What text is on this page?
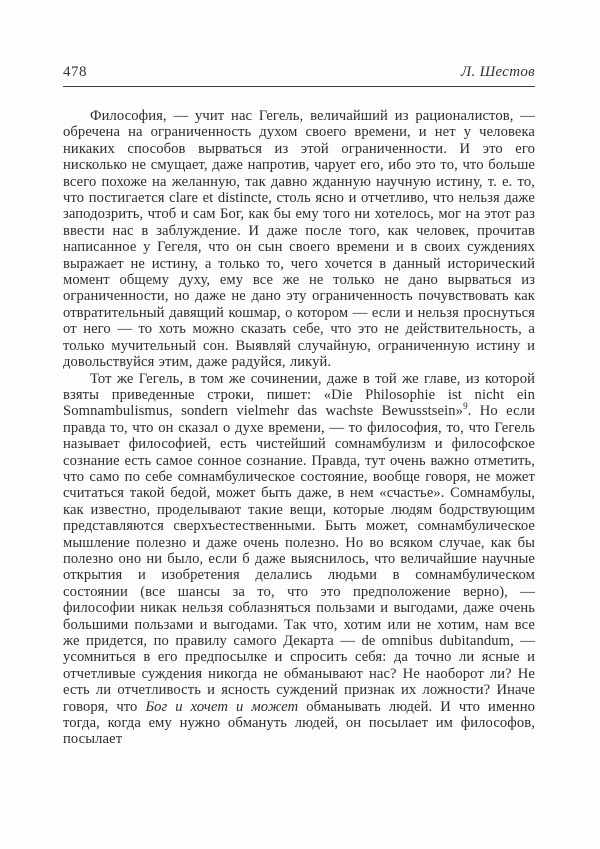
478	Л. Шестов

Философия, — учит нас Гегель, величайший из рационалистов, — обречена на ограниченность духом своего времени, и нет у человека никаких способов вырваться из этой ограниченности. И это его нисколько не смущает, даже напротив, чарует его, ибо это то, что больше всего похоже на желанную, так давно жданную научную истину, т. е. то, что постигается clare et distincte, столь ясно и отчетливо, что нельзя даже заподозрить, чтоб и сам Бог, как бы ему того ни хотелось, мог на этот раз ввести нас в заблуждение. И даже после того, как человек, прочитав написанное у Гегеля, что он сын своего времени и в своих суждениях выражает не истину, а только то, чего хочется в данный исторический момент общему духу, ему все же не только не дано вырваться из ограниченности, но даже не дано эту ограниченность почувствовать как отвратительный давящий кошмар, о котором — если и нельзя проснуться от него — то хоть можно сказать себе, что это не действительность, а только мучительный сон. Выявляй случайную, ограниченную истину и довольствуйся этим, даже радуйся, ликуй.

Тот же Гегель, в том же сочинении, даже в той же главе, из которой взяты приведенные строки, пишет: «Die Philosophie ist nicht ein Somnambulismus, sondern vielmehr das wachste Bewusstsein»$^9$. Но если правда то, что он сказал о духе времени, — то философия, то, что Гегель называет философией, есть чистейший сомнамбулизм и философское сознание есть самое сонное сознание. Правда, тут очень важно отметить, что само по себе сомнамбулическое состояние, вообще говоря, не может считаться такой бедой, может быть даже, в нем «счастье». Сомнамбулы, как известно, проделывают такие вещи, которые людям бодрствующим представляются сверхъестественными. Быть может, сомнамбулическое мышление полезно и даже очень полезно. Но во всяком случае, как бы полезно оно ни было, если б даже выяснилось, что величайшие научные открытия и изобретения делались людьми в сомнамбулическом состоянии (все шансы за то, что это предположение верно), — философии никак нельзя соблазняться пользами и выгодами, даже очень большими пользами и выгодами. Так что, хотим или не хотим, нам все же придется, по правилу самого Декарта — de omnibus dubitandum, — усомниться в его предпосылке и спросить себя: да точно ли ясные и отчетливые суждения никогда не обманывают нас? Не наоборот ли? Не есть ли отчетливость и ясность суждений признак их ложности? Иначе говоря, что Бог и хочет и может обманывать людей. И что именно тогда, когда ему нужно обмануть людей, он посылает им философов, посылает
